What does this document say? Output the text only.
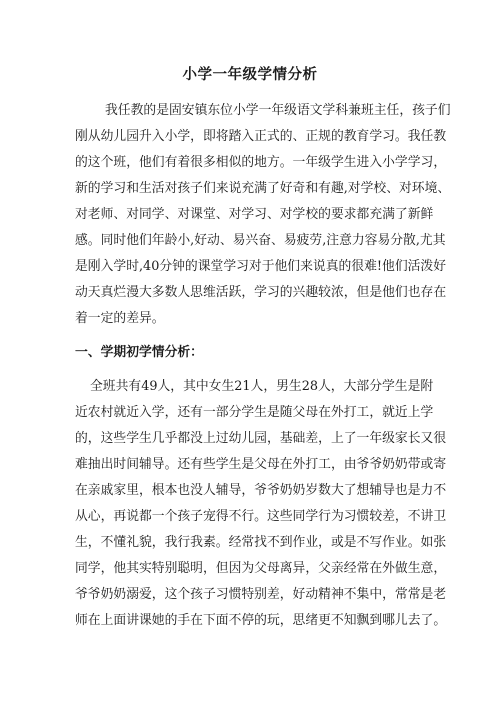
小学一年级学情分析
我任教的是固安镇东位小学一年级语文学科兼班主任，孩子们
刚从幼儿园升入小学，即将踏入正式的、正规的教育学习。我任教
的这个班，他们有着很多相似的地方。一年级学生进入小学学习，
新的学习和生活对孩子们来说充满了好奇和有趣,对学校、对环境、
对老师、对同学、对课堂、对学习、对学校的要求都充满了新鲜
感。同时他们年龄小,好动、易兴奋、易疲劳,注意力容易分散,尤其
是刚入学时,40分钟的课堂学习对于他们来说真的很难!他们活泼好
动天真烂漫大多数人思维活跃，学习的兴趣较浓，但是他们也存在
着一定的差异。
一、学期初学情分析：
全班共有49人，其中女生21人，男生28人，大部分学生是附
近农村就近入学，还有一部分学生是随父母在外打工，就近上学
的，这些学生几乎都没上过幼儿园，基础差，上了一年级家长又很
难抽出时间辅导。还有些学生是父母在外打工，由爷爷奶奶带或寄
在亲戚家里，根本也没人辅导，爷爷奶奶岁数大了想辅导也是力不
从心，再说都一个孩子宠得不行。这些同学行为习惯较差，不讲卫
生，不懂礼貌，我行我素。经常找不到作业，或是不写作业。如张
同学，他其实特别聪明，但因为父母离异，父亲经常在外做生意，
爷爷奶奶溺爱，这个孩子习惯特别差，好动精神不集中，常常是老
师在上面讲课她的手在下面不停的玩，思绪更不知飘到哪儿去了。
